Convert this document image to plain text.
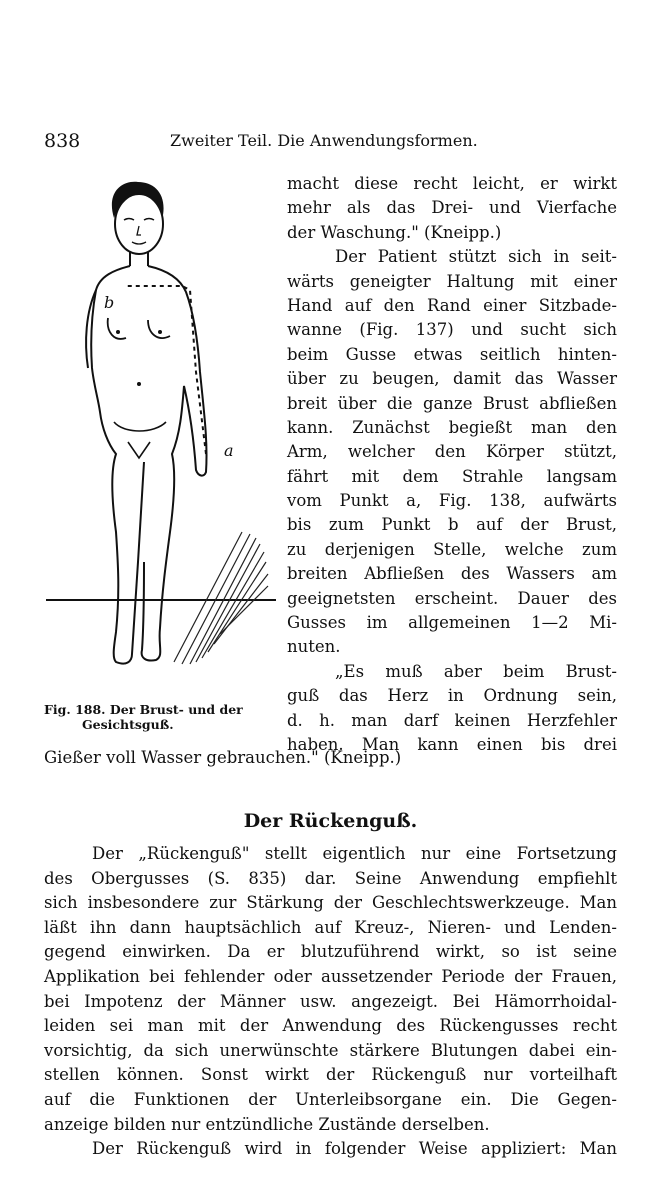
838	Zweiter Teil. Die Anwendungsformen.
b
a
Fig. 188. Der Brust- und der
Gesichtsguß.
macht diese recht leicht, er wirkt
mehr als das Drei- und Vierfache
der Waschung." (Kneipp.)
Der Patient stützt sich in seit-
wärts geneigter Haltung mit einer
Hand auf den Rand einer Sitzbade-
wanne (Fig. 137) und sucht sich
beim Gusse etwas seitlich hinten-
über zu beugen, damit das Wasser
breit über die ganze Brust abfließen
kann. Zunächst begießt man den
Arm, welcher den Körper stützt,
fährt mit dem Strahle langsam
vom Punkt a, Fig. 138, aufwärts
bis zum Punkt b auf der Brust,
zu derjenigen Stelle, welche zum
breiten Abfließen des Wassers am
geeignetsten erscheint. Dauer des
Gusses im allgemeinen 1—2 Mi-
nuten.
„Es muß aber beim Brust-
guß das Herz in Ordnung sein,
d. h. man darf keinen Herzfehler
haben. Man kann einen bis drei
Gießer voll Wasser gebrauchen." (Kneipp.)
Der Rückenguß.
Der „Rückenguß" stellt eigentlich nur eine Fortsetzung
des Obergusses (S. 835) dar. Seine Anwendung empfiehlt
sich insbesondere zur Stärkung der Geschlechtswerkzeuge. Man
läßt ihn dann hauptsächlich auf Kreuz-, Nieren- und Lenden-
gegend einwirken. Da er blutzuführend wirkt, so ist seine
Applikation bei fehlender oder aussetzender Periode der Frauen,
bei Impotenz der Männer usw. angezeigt. Bei Hämorrhoidal-
leiden sei man mit der Anwendung des Rückengusses recht
vorsichtig, da sich unerwünschte stärkere Blutungen dabei ein-
stellen können. Sonst wirkt der Rückenguß nur vorteilhaft
auf die Funktionen der Unterleibsorgane ein. Die Gegen-
anzeige bilden nur entzündliche Zustände derselben.
Der Rückenguß wird in folgender Weise appliziert: Man
